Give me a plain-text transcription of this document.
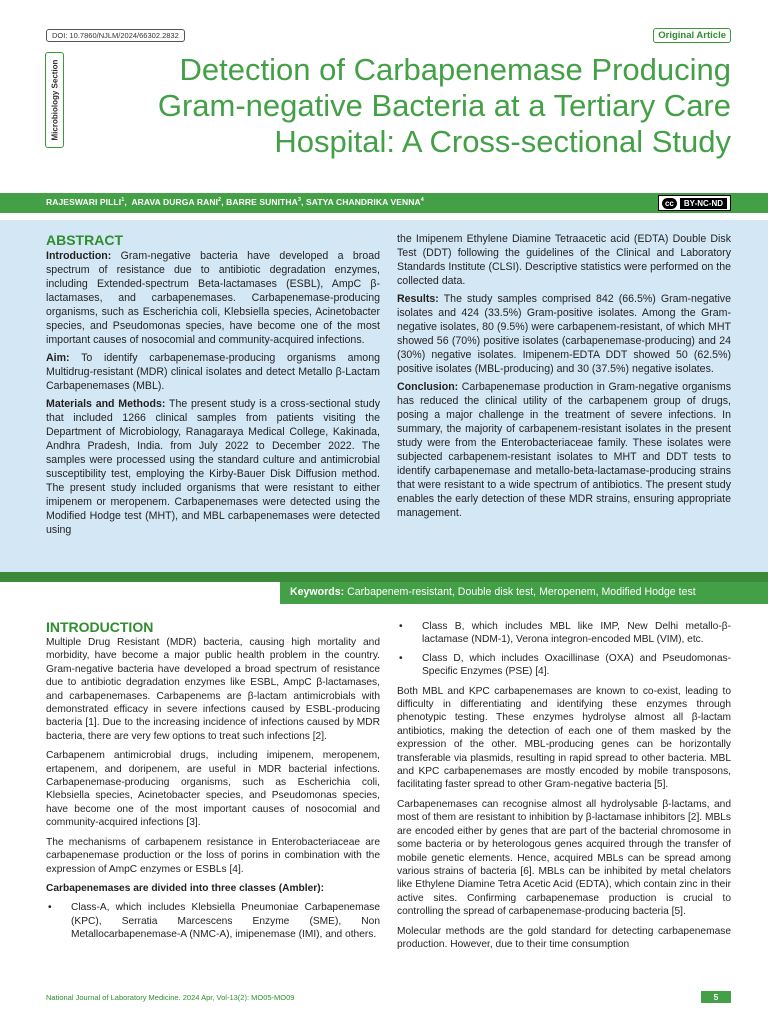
DOI: 10.7860/NJLM/2024/66302.2832	Original Article
Microbiology Section	Detection of Carbapenemase Producing
Gram-negative Bacteria at a Tertiary Care
Hospital: A Cross-sectional Study
RAJESWARI PILLI$^1$,  ARAVA DURGA RANI$^2$, BARRE SUNITHA$^3$, SATYA CHANDRIKA VENNA$^4$	cc	BY-NC-ND
ABSTRACT

Introduction: Gram-negative bacteria have developed a broad spectrum of resistance due to antibiotic degradation enzymes, including Extended-spectrum Beta-lactamases (ESBL), AmpC β-lactamases, and carbapenemases. Carbapenemase-producing organisms, such as Escherichia coli, Klebsiella species, Acinetobacter species, and Pseudomonas species, have become one of the most important causes of nosocomial and community-acquired infections.

Aim: To identify carbapenemase-producing organisms among Multidrug-resistant (MDR) clinical isolates and detect Metallo β-Lactam Carbapenemases (MBL).

Materials and Methods: The present study is a cross-sectional study that included 1266 clinical samples from patients visiting the Department of Microbiology, Ranagaraya Medical College, Kakinada, Andhra Pradesh, India. from July 2022 to December 2022. The samples were processed using the standard culture and antimicrobial susceptibility test, employing the Kirby-Bauer Disk Diffusion method. The present study included organisms that were resistant to either imipenem or meropenem. Carbapenemases were detected using the Modified Hodge test (MHT), and MBL carbapenemases were detected using

the Imipenem Ethylene Diamine Tetraacetic acid (EDTA) Double Disk Test (DDT) following the guidelines of the Clinical and Laboratory Standards Institute (CLSI). Descriptive statistics were performed on the collected data.

Results: The study samples comprised 842 (66.5%) Gram-negative isolates and 424 (33.5%) Gram-positive isolates. Among the Gram-negative isolates, 80 (9.5%) were carbapenem-resistant, of which MHT showed 56 (70%) positive isolates (carbapenemase-producing) and 24 (30%) negative isolates. Imipenem-EDTA DDT showed 50 (62.5%) positive isolates (MBL-producing) and 30 (37.5%) negative isolates.

Conclusion: Carbapenemase production in Gram-negative organisms has reduced the clinical utility of the carbapenem group of drugs, posing a major challenge in the treatment of severe infections. In summary, the majority of carbapenem-resistant isolates in the present study were from the Enterobacteriaceae family. These isolates were subjected carbapenem-resistant isolates to MHT and DDT tests to identify carbapenemase and metallo-beta-lactamase-producing strains that were resistant to a wide spectrum of antibiotics. The present study enables the early detection of these MDR strains, ensuring appropriate management.

Keywords: Carbapenem-resistant, Double disk test, Meropenem, Modified Hodge test
INTRODUCTION

Multiple Drug Resistant (MDR) bacteria, causing high mortality and morbidity, have become a major public health problem in the country. Gram-negative bacteria have developed a broad spectrum of resistance due to antibiotic degradation enzymes like ESBL, AmpC β-lactamases, and carbapenemases. Carbapenems are β-lactam antimicrobials with demonstrated efficacy in severe infections caused by ESBL-producing bacteria [1]. Due to the increasing incidence of infections caused by MDR bacteria, there are very few options to treat such infections [2].

Carbapenem antimicrobial drugs, including imipenem, meropenem, ertapenem, and doripenem, are useful in MDR bacterial infections. Carbapenemase-producing organisms, such as Escherichia coli, Klebsiella species, Acinetobacter species, and Pseudomonas species, have become one of the most important causes of nosocomial and community-acquired infections [3].

The mechanisms of carbapenem resistance in Enterobacteriaceae are carbapenemase production or the loss of porins in combination with the expression of AmpC enzymes or ESBLs [4].

Carbapenemases are divided into three classes (Ambler):

• Class-A, which includes Klebsiella Pneumoniae Carbapenemase (KPC), Serratia Marcescens Enzyme (SME), Non Metallocarbapenemase-A (NMC-A), imipenemase (IMI), and others.
• Class B, which includes MBL like IMP, New Delhi metallo-β-lactamase (NDM-1), Verona integron-encoded MBL (VIM), etc.
• Class D, which includes Oxacillinase (OXA) and Pseudomonas-Specific Enzymes (PSE) [4].

Both MBL and KPC carbapenemases are known to co-exist, leading to difficulty in differentiating and identifying these enzymes through phenotypic testing. These enzymes hydrolyse almost all β-lactam antibiotics, making the detection of each one of them masked by the expression of the other. MBL-producing genes can be horizontally transferable via plasmids, resulting in rapid spread to other bacteria. MBL and KPC carbapenemases are mostly encoded by mobile transposons, facilitating faster spread to other Gram-negative bacteria [5].

Carbapenemases can recognise almost all hydrolysable β-lactams, and most of them are resistant to inhibition by β-lactamase inhibitors [2]. MBLs are encoded either by genes that are part of the bacterial chromosome in some bacteria or by heterologous genes acquired through the transfer of mobile genetic elements. Hence, acquired MBLs can be spread among various strains of bacteria [6]. MBLs can be inhibited by metal chelators like Ethylene Diamine Tetra Acetic Acid (EDTA), which contain zinc in their active sites. Confirming carbapenemase production is crucial to controlling the spread of carbapenemase-producing bacteria [5].

Molecular methods are the gold standard for detecting carbapenemase production. However, due to their time consumption

National Journal of Laboratory Medicine. 2024 Apr, Vol-13(2): MO05-MO09	5
